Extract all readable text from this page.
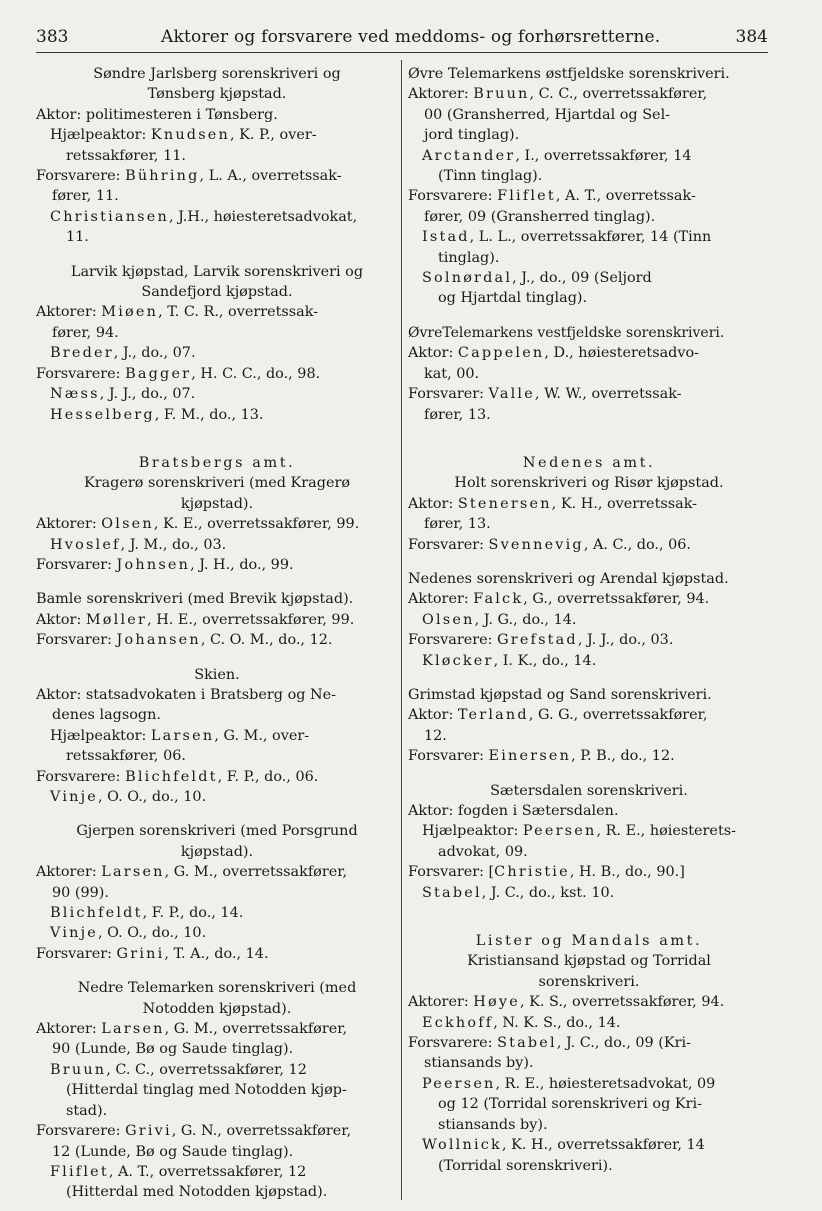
383	Aktorer og forsvarere ved meddoms- og forhørsretterne.	384

Søndre Jarlsberg sorenskriveri og
Tønsberg kjøpstad.

Aktor: politimesteren i Tønsberg.

Hjælpeaktor: Knudsen, K. P., over-
retssakfører, 11.

Forsvarere: Bühring, L. A., overretssak-
fører, 11.

Christiansen, J.H., høiesteretsadvokat,
11.

Larvik kjøpstad, Larvik sorenskriveri og
Sandefjord kjøpstad.

Aktorer: Miøen, T. C. R., overretssak-
fører, 94.

Breder, J., do., 07.

Forsvarere: Bagger, H. C. C., do., 98.

Næss, J. J., do., 07.

Hesselberg, F. M., do., 13.

Bratsbergs amt.

Kragerø sorenskriveri (med Kragerø
kjøpstad).

Aktorer: Olsen, K. E., overretssakfører, 99.

Hvoslef, J. M., do., 03.

Forsvarer: Johnsen, J. H., do., 99.

Bamle sorenskriveri (med Brevik kjøpstad).

Aktor: Møller, H. E., overretssakfører, 99.

Forsvarer: Johansen, C. O. M., do., 12.

Skien.

Aktor: statsadvokaten i Bratsberg og Ne-
denes lagsogn.

Hjælpeaktor: Larsen, G. M., over-
retssakfører, 06.

Forsvarere: Blichfeldt, F. P., do., 06.

Vinje, O. O., do., 10.

Gjerpen sorenskriveri (med Porsgrund
kjøpstad).

Aktorer: Larsen, G. M., overretssakfører,
90 (99).

Blichfeldt, F. P., do., 14.

Vinje, O. O., do., 10.

Forsvarer: Grini, T. A., do., 14.

Nedre Telemarken sorenskriveri (med
Notodden kjøpstad).

Aktorer: Larsen, G. M., overretssakfører,
90 (Lunde, Bø og Saude tinglag).

Bruun, C. C., overretssakfører, 12
(Hitterdal tinglag med Notodden kjøp-
stad).

Forsvarere: Grivi, G. N., overretssakfører,
12 (Lunde, Bø og Saude tinglag).

Fliflet, A. T., overretssakfører, 12
(Hitterdal med Notodden kjøpstad).

Øvre Telemarkens østfjeldske sorenskriveri.

Aktorer: Bruun, C. C., overretssakfører,
00 (Gransherred, Hjartdal og Sel-
jord tinglag).

Arctander, I., overretssakfører, 14
(Tinn tinglag).

Forsvarere: Fliflet, A. T., overretssak-
fører, 09 (Gransherred tinglag).

Istad, L. L., overretssakfører, 14 (Tinn
tinglag).

Solnørdal, J., do., 09 (Seljord
og Hjartdal tinglag).

ØvreTelemarkens vestfjeldske sorenskriveri.

Aktor: Cappelen, D., høiesteretsadvo-
kat, 00.

Forsvarer: Valle, W. W., overretssak-
fører, 13.

Nedenes amt.

Holt sorenskriveri og Risør kjøpstad.

Aktor: Stenersen, K. H., overretssak-
fører, 13.

Forsvarer: Svennevig, A. C., do., 06.

Nedenes sorenskriveri og Arendal kjøpstad.

Aktorer: Falck, G., overretssakfører, 94.

Olsen, J. G., do., 14.

Forsvarere: Grefstad, J. J., do., 03.

Kløcker, I. K., do., 14.

Grimstad kjøpstad og Sand sorenskriveri.

Aktor: Terland, G. G., overretssakfører,
12.

Forsvarer: Einersen, P. B., do., 12.

Sætersdalen sorenskriveri.

Aktor: fogden i Sætersdalen.

Hjælpeaktor: Peersen, R. E., høiesterets-
advokat, 09.

Forsvarer: [Christie, H. B., do., 90.]

Stabel, J. C., do., kst. 10.

Lister og Mandals amt.

Kristiansand kjøpstad og Torridal
sorenskriveri.

Aktorer: Høye, K. S., overretssakfører, 94.

Eckhoff, N. K. S., do., 14.

Forsvarere: Stabel, J. C., do., 09 (Kri-
stiansands by).

Peersen, R. E., høiesteretsadvokat, 09
og 12 (Torridal sorenskriveri og Kri-
stiansands by).

Wollnick, K. H., overretssakfører, 14
(Torridal sorenskriveri).
